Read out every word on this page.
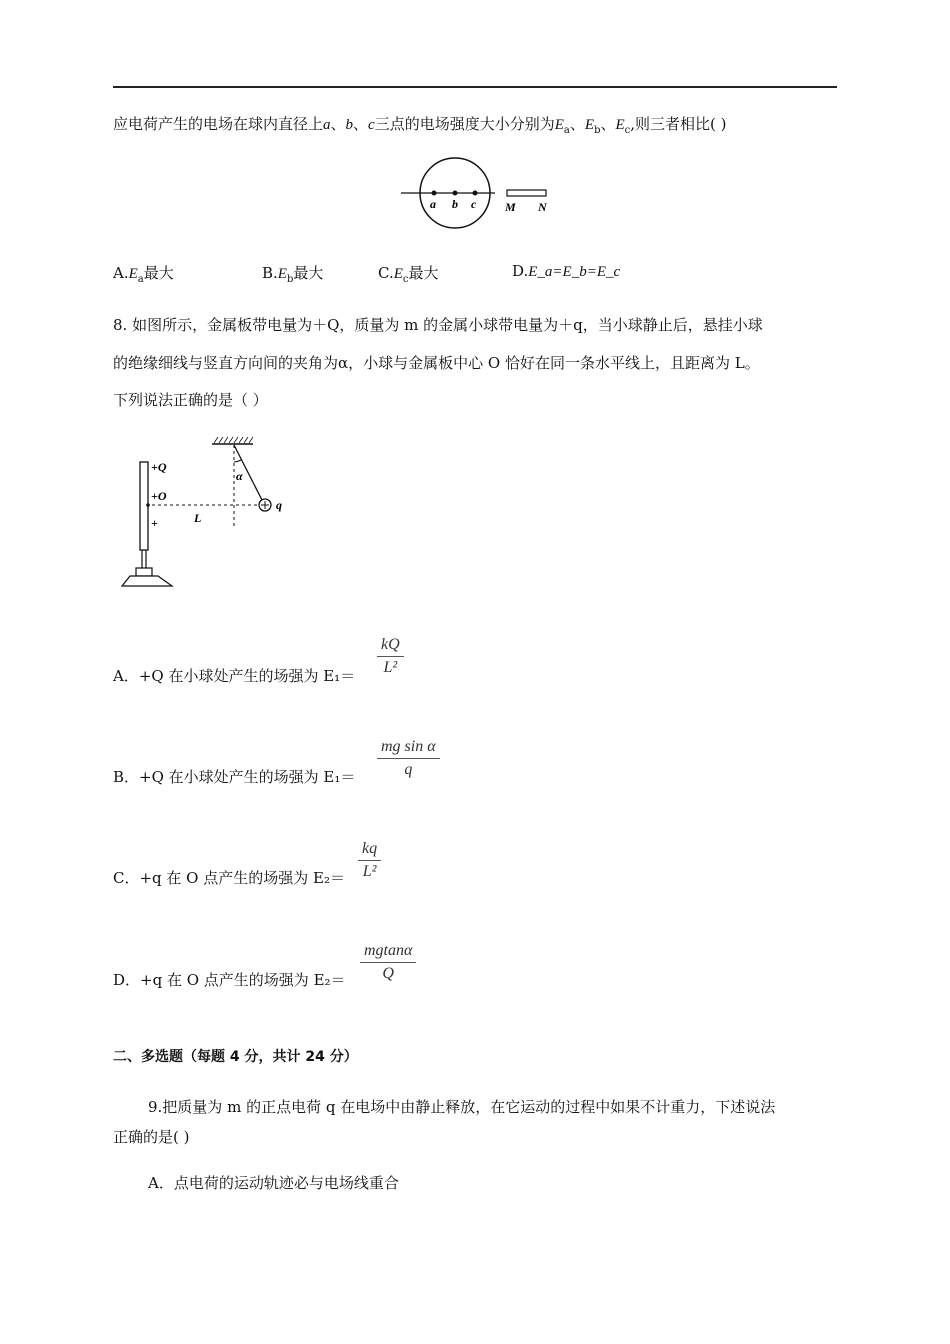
应电荷产生的电场在球内直径上a、b、c三点的电场强度大小分别为$E_a$、$E_b$、$E_c$,则三者相比( )
a b c M N
$A.E_a$最大	$B.E_b$最大	$C.E_c$最大	D.E_a=E_b=E_c
8. 如图所示，金属板带电量为＋Q，质量为 m 的金属小球带电量为＋q，当小球静止后，悬挂小球
的绝缘细线与竖直方向间的夹角为α，小球与金属板中心 O 恰好在同一条水平线上，且距离为 L。
下列说法正确的是（ ）
α
q
L
+Q
+O
+
A．+Q 在小球处产生的场强为 $E_1= \frac{kQ}{\text{L²}}$
B．+Q 在小球处产生的场强为 $E_1= \frac{\text{mg sin α}}{q}$
C．+q 在 O 点产生的场强为 $E_2= \frac{kq}{\text{L²}}$
D．+q 在 O 点产生的场强为 $E_2= \frac{mgtan\alpha}{Q}$
二、多选题（每题 4 分，共计 24 分）
9.把质量为 m 的正点电荷 q 在电场中由静止释放，在它运动的过程中如果不计重力，下述说法
正确的是( )
A．点电荷的运动轨迹必与电场线重合
